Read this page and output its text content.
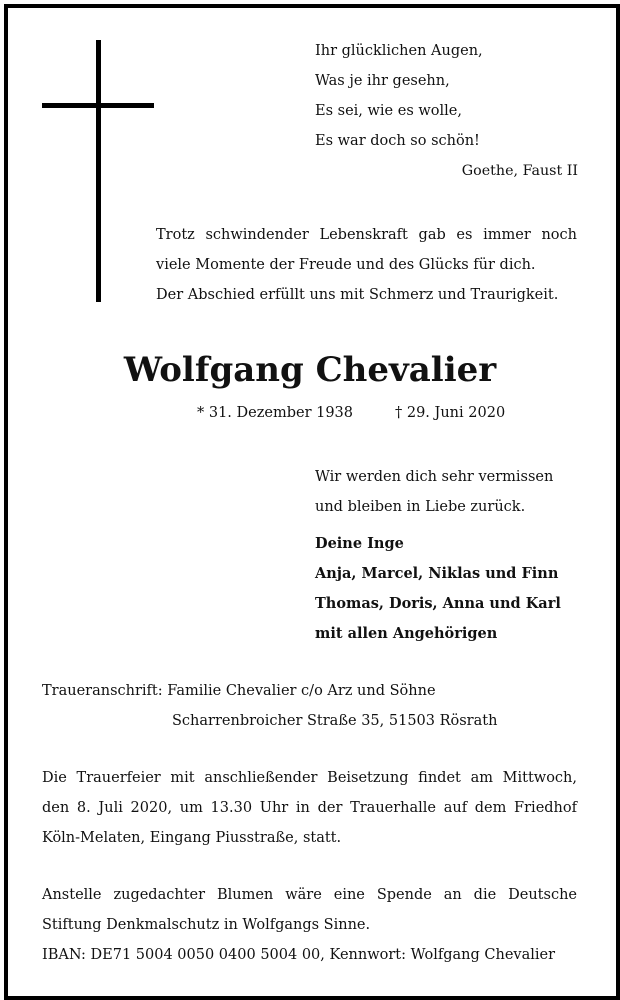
Ihr glücklichen Augen,
Was je ihr gesehn,
Es sei, wie es wolle,
Es war doch so schön!
Goethe, Faust II
Trotz schwindender Lebenskraft gab es immer noch
viele Momente der Freude und des Glücks für dich.
Der Abschied erfüllt uns mit Schmerz und Traurigkeit.
Wolfgang Chevalier
* 31. Dezember 1938	† 29. Juni 2020
Wir werden dich sehr vermissen
und bleiben in Liebe zurück.
Deine Inge
Anja, Marcel, Niklas und Finn
Thomas, Doris, Anna und Karl
mit allen Angehörigen
Traueranschrift: Familie Chevalier c/o Arz und Söhne
Scharrenbroicher Straße 35, 51503 Rösrath
Die Trauerfeier mit anschließender Beisetzung findet am Mittwoch,
den 8. Juli 2020, um 13.30 Uhr in der Trauerhalle auf dem Friedhof
Köln-Melaten, Eingang Piusstraße, statt.
Anstelle zugedachter Blumen wäre eine Spende an die Deutsche
Stiftung Denkmalschutz in Wolfgangs Sinne.
IBAN: DE71 5004 0050 0400 5004 00, Kennwort: Wolfgang Chevalier
